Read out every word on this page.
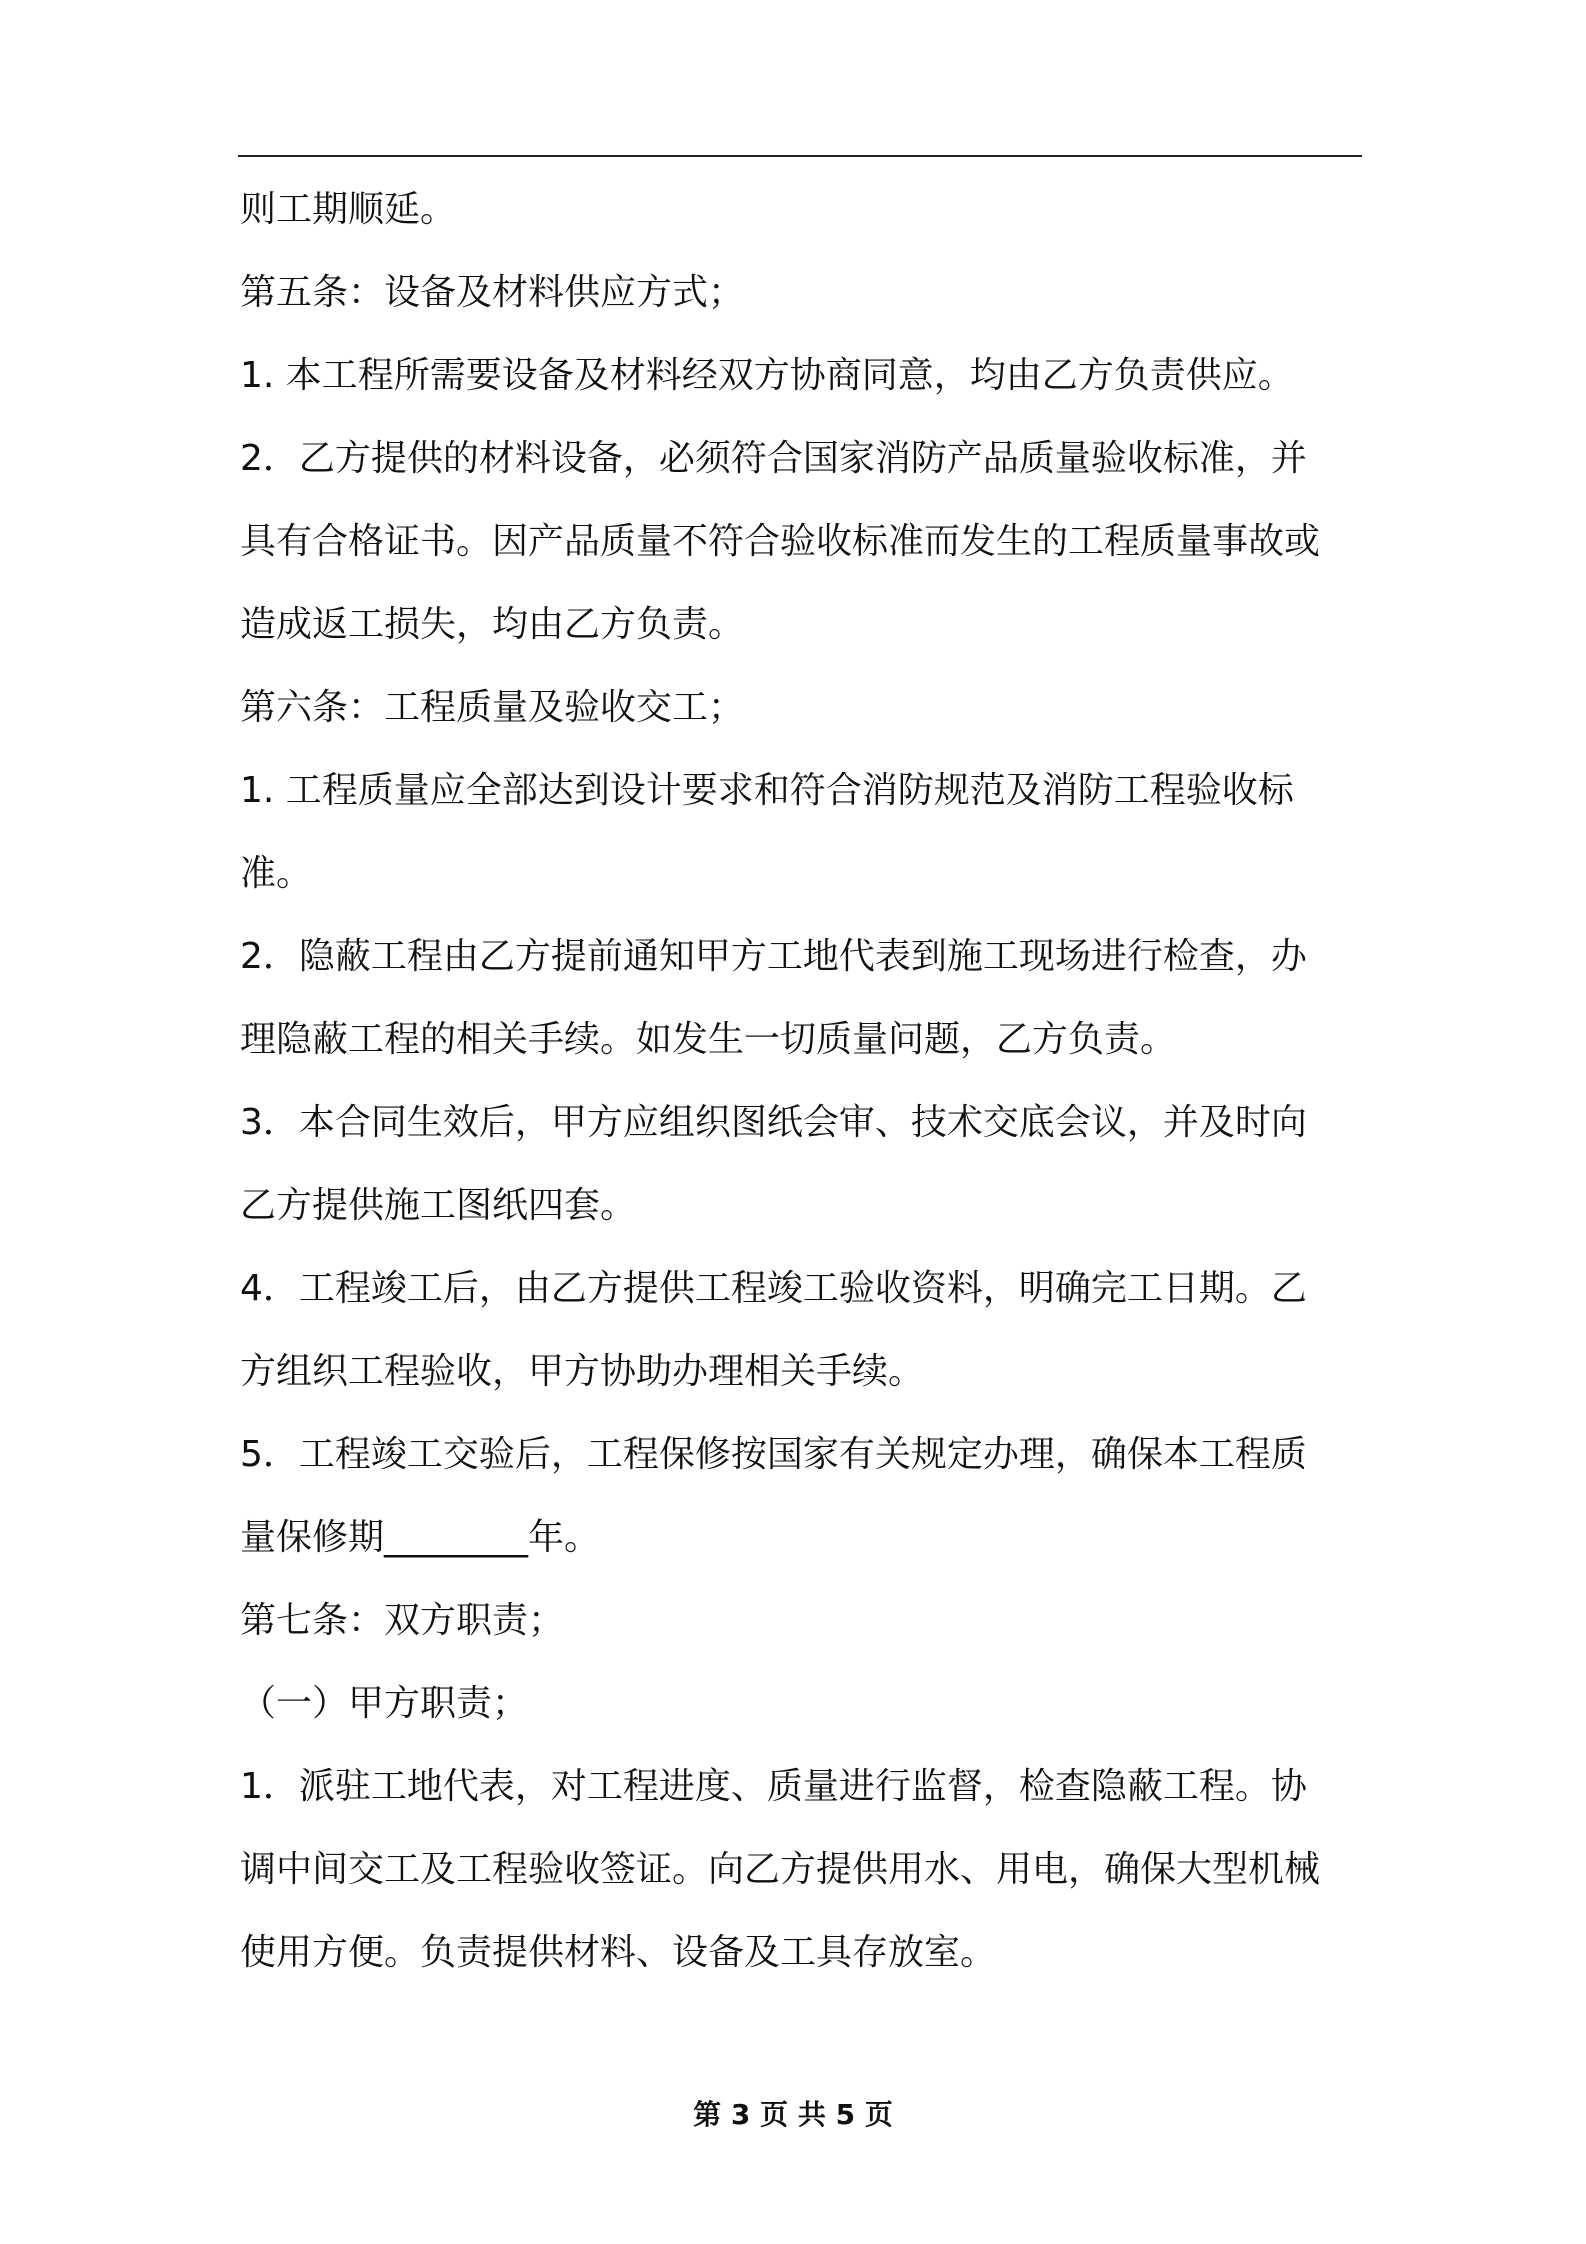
则工期顺延。
第五条：设备及材料供应方式；
1. 本工程所需要设备及材料经双方协商同意，均由乙方负责供应。
2．乙方提供的材料设备，必须符合国家消防产品质量验收标准，并
具有合格证书。因产品质量不符合验收标准而发生的工程质量事故或
造成返工损失，均由乙方负责。
第六条：工程质量及验收交工；
1. 工程质量应全部达到设计要求和符合消防规范及消防工程验收标
准。
2．隐蔽工程由乙方提前通知甲方工地代表到施工现场进行检查，办
理隐蔽工程的相关手续。如发生一切质量问题，乙方负责。
3．本合同生效后，甲方应组织图纸会审、技术交底会议，并及时向
乙方提供施工图纸四套。
4．工程竣工后，由乙方提供工程竣工验收资料，明确完工日期。乙
方组织工程验收，甲方协助办理相关手续。
5．工程竣工交验后，工程保修按国家有关规定办理，确保本工程质
量保修期________年。
第七条：双方职责；
（一）甲方职责；
1．派驻工地代表，对工程进度、质量进行监督，检查隐蔽工程。协
调中间交工及工程验收签证。向乙方提供用水、用电，确保大型机械
使用方便。负责提供材料、设备及工具存放室。
第 3 页 共 5 页
